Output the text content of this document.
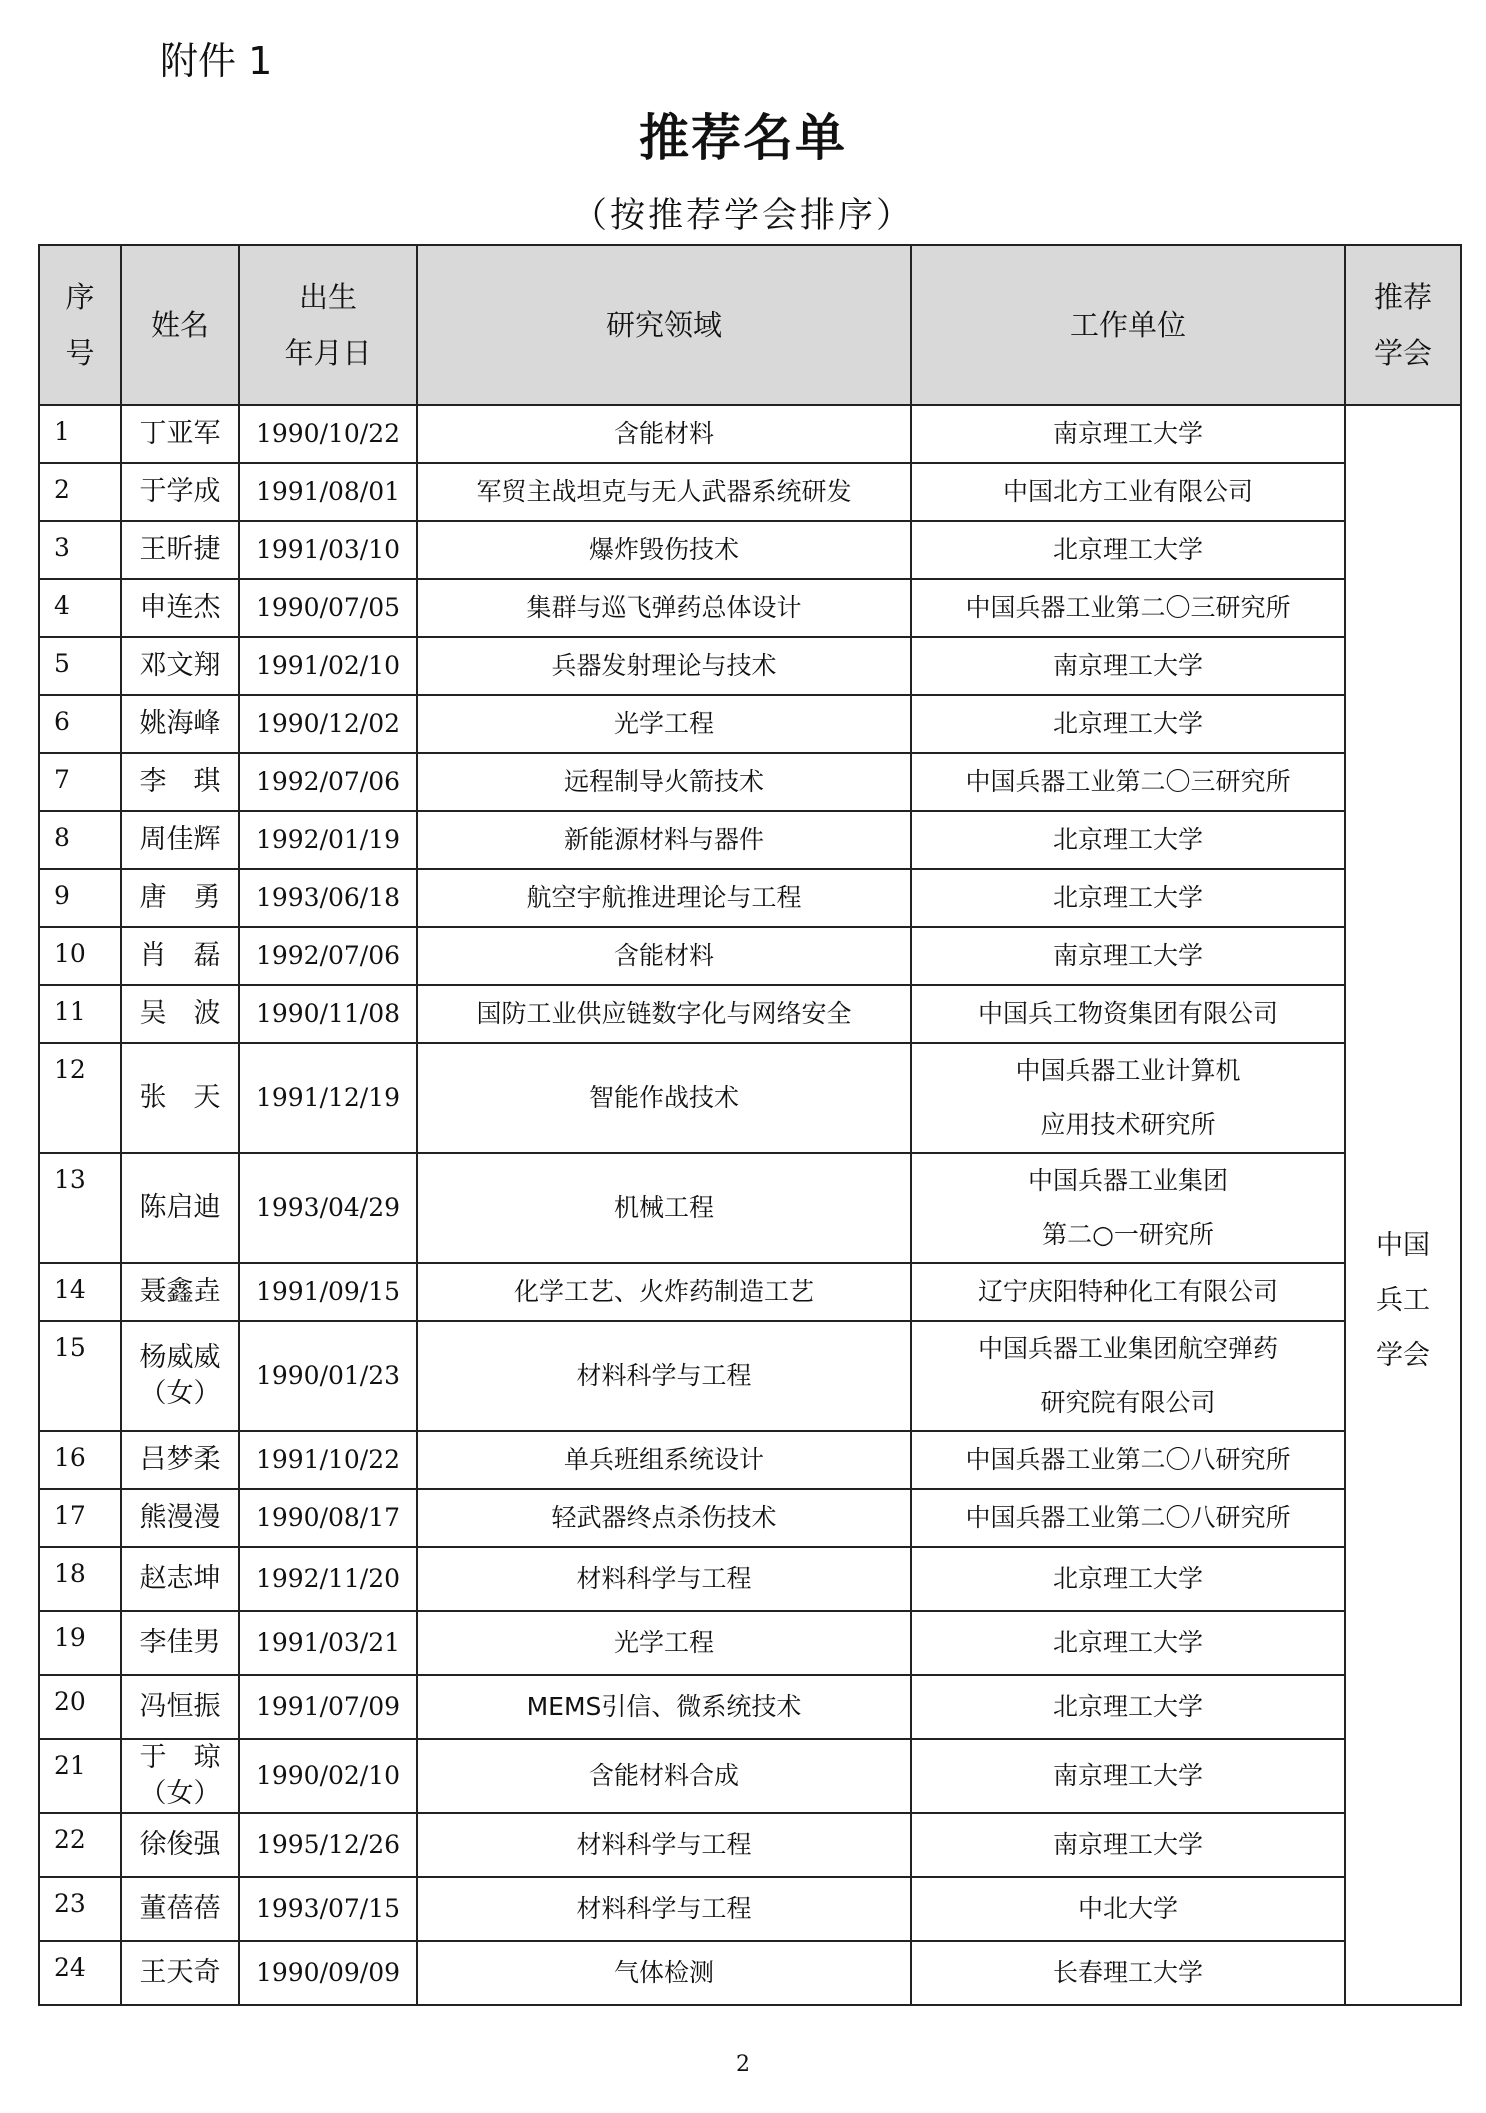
附件 1
推荐名单
（按推荐学会排序）
序
号	姓名	出生
年月日	研究领域	工作单位	推荐
学会
1	丁亚军	1990/10/22	含能材料	南京理工大学	中国
兵工
学会
2	于学成	1991/08/01	军贸主战坦克与无人武器系统研发	中国北方工业有限公司	
3	王昕捷	1991/03/10	爆炸毁伤技术	北京理工大学	
4	申连杰	1990/07/05	集群与巡飞弹药总体设计	中国兵器工业第二〇三研究所	
5	邓文翔	1991/02/10	兵器发射理论与技术	南京理工大学	
6	姚海峰	1990/12/02	光学工程	北京理工大学	
7	李　琪	1992/07/06	远程制导火箭技术	中国兵器工业第二〇三研究所	
8	周佳辉	1992/01/19	新能源材料与器件	北京理工大学	
9	唐　勇	1993/06/18	航空宇航推进理论与工程	北京理工大学	
10	肖　磊	1992/07/06	含能材料	南京理工大学	
11	吴　波	1990/11/08	国防工业供应链数字化与网络安全	中国兵工物资集团有限公司	
12	张　天	1991/12/19	智能作战技术	中国兵器工业计算机
应用技术研究所	
13	陈启迪	1993/04/29	机械工程	中国兵器工业集团
第二○一研究所	
14	聂鑫垚	1991/09/15	化学工艺、火炸药制造工艺	辽宁庆阳特种化工有限公司	
15	杨威威
（女）	1990/01/23	材料科学与工程	中国兵器工业集团航空弹药
研究院有限公司	
16	吕梦柔	1991/10/22	单兵班组系统设计	中国兵器工业第二〇八研究所	
17	熊漫漫	1990/08/17	轻武器终点杀伤技术	中国兵器工业第二〇八研究所	
18	赵志坤	1992/11/20	材料科学与工程	北京理工大学	
19	李佳男	1991/03/21	光学工程	北京理工大学	
20	冯恒振	1991/07/09	MEMS引信、微系统技术	北京理工大学	
21	于　琼
（女）	1990/02/10	含能材料合成	南京理工大学	
22	徐俊强	1995/12/26	材料科学与工程	南京理工大学	
23	董蓓蓓	1993/07/15	材料科学与工程	中北大学	
24	王天奇	1990/09/09	气体检测	长春理工大学	
2
